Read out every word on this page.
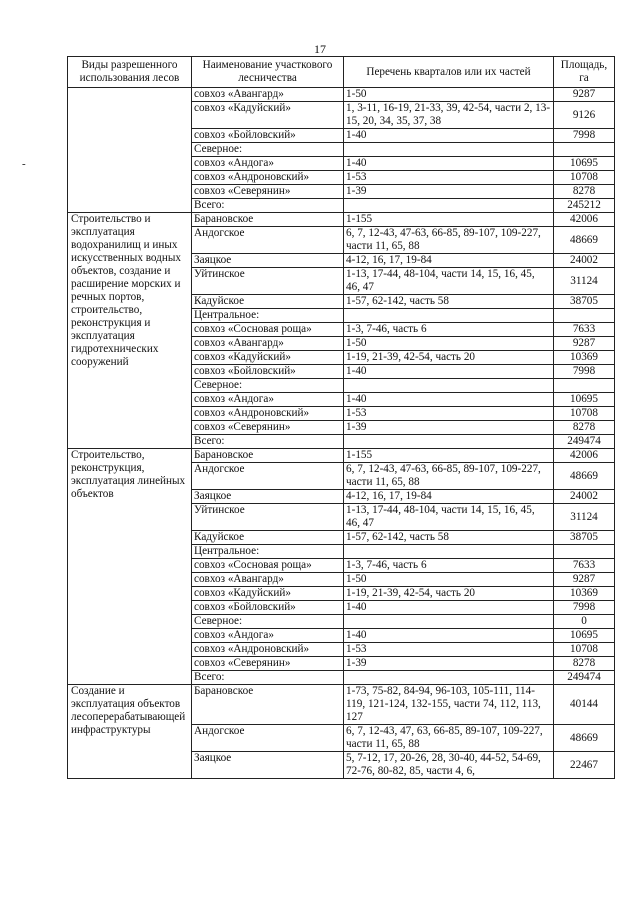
17
-
Виды разрешенного использования лесов	Наименование участкового лесничества	Перечень кварталов или их частей	Площадь, га
	совхоз «Авангард»	1-50	9287
	совхоз «Кадуйский»	1, 3-11, 16-19, 21-33, 39, 42-54, части 2, 13-15, 20, 34, 35, 37, 38	9126
	совхоз «Бойловский»	1-40	7998
	Северное:		
	совхоз «Андога»	1-40	10695
	совхоз «Андроновский»	1-53	10708
	совхоз «Северянин»	1-39	8278
	Всего:		245212
Строительство и эксплуатация водохранилищ и иных искусственных водных объектов, создание и расширение морских и речных портов, строительство, реконструкция и эксплуатация гидротехнических сооружений	Барановское	1-155	42006
	Андогское	6, 7, 12-43, 47-63, 66-85, 89-107, 109-227, части 11, 65, 88	48669
	Заяцкое	4-12, 16, 17, 19-84	24002
	Уйтинское	1-13, 17-44, 48-104, части 14, 15, 16, 45, 46, 47	31124
	Кадуйское	1-57, 62-142, часть 58	38705
	Центральное:		
	совхоз «Сосновая роща»	1-3, 7-46, часть 6	7633
	совхоз «Авангард»	1-50	9287
	совхоз «Кадуйский»	1-19, 21-39, 42-54, часть 20	10369
	совхоз «Бойловский»	1-40	7998
	Северное:		
	совхоз «Андога»	1-40	10695
	совхоз «Андроновский»	1-53	10708
	совхоз «Северянин»	1-39	8278
	Всего:		249474
Строительство, реконструкция, эксплуатация линейных объектов	Барановское	1-155	42006
	Андогское	6, 7, 12-43, 47-63, 66-85, 89-107, 109-227, части 11, 65, 88	48669
	Заяцкое	4-12, 16, 17, 19-84	24002
	Уйтинское	1-13, 17-44, 48-104, части 14, 15, 16, 45, 46, 47	31124
	Кадуйское	1-57, 62-142, часть 58	38705
	Центральное:		
	совхоз «Сосновая роща»	1-3, 7-46, часть 6	7633
	совхоз «Авангард»	1-50	9287
	совхоз «Кадуйский»	1-19, 21-39, 42-54, часть 20	10369
	совхоз «Бойловский»	1-40	7998
	Северное:		0
	совхоз «Андога»	1-40	10695
	совхоз «Андроновский»	1-53	10708
	совхоз «Северянин»	1-39	8278
	Всего:		249474
Создание и эксплуатация объектов лесоперерабатывающей инфраструктуры	Барановское	1-73, 75-82, 84-94, 96-103, 105-111, 114-119, 121-124, 132-155, части 74, 112, 113, 127	40144
	Андогское	6, 7, 12-43, 47, 63, 66-85, 89-107, 109-227, части 11, 65, 88	48669
	Заяцкое	5, 7-12, 17, 20-26, 28, 30-40, 44-52, 54-69, 72-76, 80-82, 85, части 4, 6,	22467
